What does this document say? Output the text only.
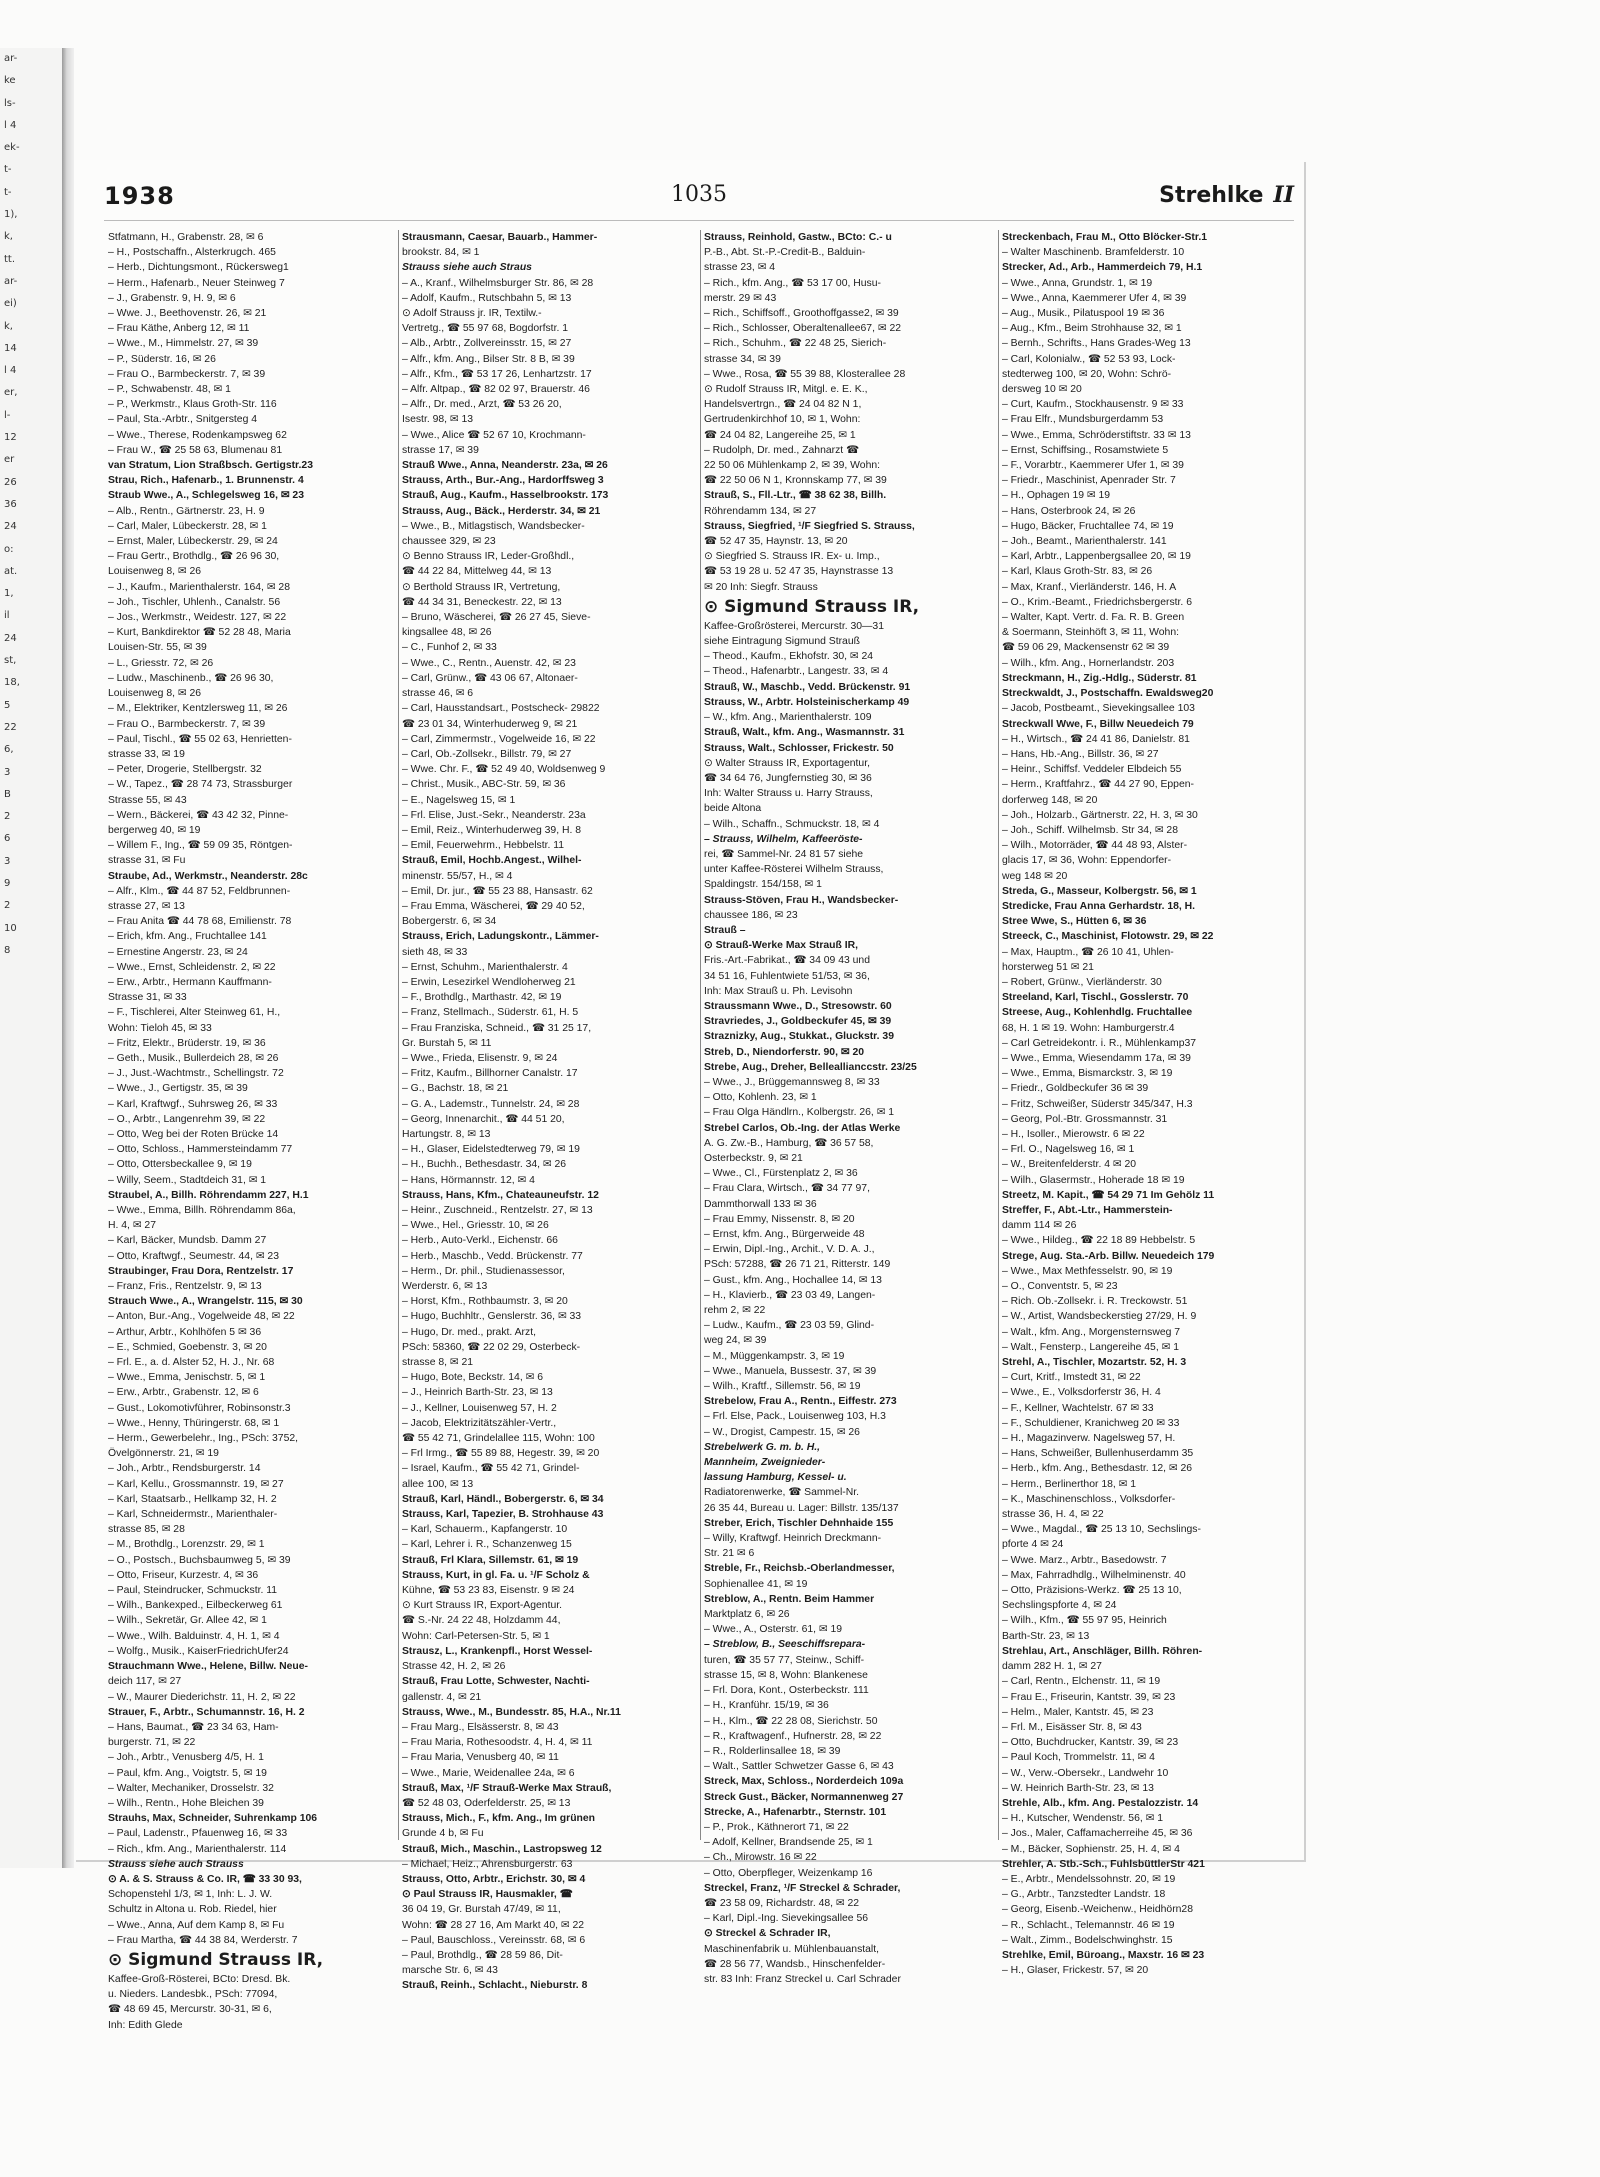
ar-
ke
ls-
l 4
ek-
t-
t-
1),
k,
tt.
ar-
ei)
k,
14
l 4
er,
l-
12
er
26
36
24
o:
at.
1,
il
24
st,
18,
5
22
6,
3
B
2
6
3
9
2
10
8
1938	1035	Strehlke II
Stfatmann, H., Grabenstr. 28, ✉ 6
– H., Postschaffn., Alsterkrugch. 465
– Herb., Dichtungsmont., Rückersweg1
– Herm., Hafenarb., Neuer Steinweg 7
– J., Grabenstr. 9, H. 9, ✉ 6
– Wwe. J., Beethovenstr. 26, ✉ 21
– Frau Käthe, Anberg 12, ✉ 11
– Wwe., M., Himmelstr. 27, ✉ 39
– P., Süderstr. 16, ✉ 26
– Frau O., Barmbeckerstr. 7, ✉ 39
– P., Schwabenstr. 48, ✉ 1
– P., Werkmstr., Klaus Groth-Str. 116
– Paul, Sta.-Arbtr., Snitgersteg 4
– Wwe., Therese, Rodenkampsweg 62
– Frau W., ☎ 25 58 63, Blumenau 81
van Stratum, Lion Straßbsch. Gertigstr.23
Strau, Rich., Hafenarb., 1. Brunnenstr. 4
Straub Wwe., A., Schlegelsweg 16, ✉ 23
– Alb., Rentn., Gärtnerstr. 23, H. 9
– Carl, Maler, Lübeckerstr. 28, ✉ 1
– Ernst, Maler, Lübeckerstr. 29, ✉ 24
– Frau Gertr., Brothdlg., ☎ 26 96 30,
Louisenweg 8, ✉ 26
– J., Kaufm., Marienthalerstr. 164, ✉ 28
– Joh., Tischler, Uhlenh., Canalstr. 56
– Jos., Werkmstr., Weidestr. 127, ✉ 22
– Kurt, Bankdirektor ☎ 52 28 48, Maria
Louisen-Str. 55, ✉ 39
– L., Griesstr. 72, ✉ 26
– Ludw., Maschinenb., ☎ 26 96 30,
Louisenweg 8, ✉ 26
– M., Elektriker, Kentzlersweg 11, ✉ 26
– Frau O., Barmbeckerstr. 7, ✉ 39
– Paul, Tischl., ☎ 55 02 63, Henrietten-
strasse 33, ✉ 19
– Peter, Drogerie, Stellbergstr. 32
– W., Tapez., ☎ 28 74 73, Strassburger
Strasse 55, ✉ 43
– Wern., Bäckerei, ☎ 43 42 32, Pinne-
bergerweg 40, ✉ 19
– Willem F., Ing., ☎ 59 09 35, Röntgen-
strasse 31, ✉ Fu
Straube, Ad., Werkmstr., Neanderstr. 28c
– Alfr., Klm., ☎ 44 87 52, Feldbrunnen-
strasse 27, ✉ 13
– Frau Anita ☎ 44 78 68, Emilienstr. 78
– Erich, kfm. Ang., Fruchtallee 141
– Ernestine Angerstr. 23, ✉ 24
– Wwe., Ernst, Schleidenstr. 2, ✉ 22
– Erw., Arbtr., Hermann Kauffmann-
Strasse 31, ✉ 33
– F., Tischlerei, Alter Steinweg 61, H.,
Wohn: Tieloh 45, ✉ 33
– Fritz, Elektr., Brüderstr. 19, ✉ 36
– Geth., Musik., Bullerdeich 28, ✉ 26
– J., Just.-Wachtmstr., Schellingstr. 72
– Wwe., J., Gertigstr. 35, ✉ 39
– Karl, Kraftwgf., Suhrsweg 26, ✉ 33
– O., Arbtr., Langenrehm 39, ✉ 22
– Otto, Weg bei der Roten Brücke 14
– Otto, Schloss., Hammersteindamm 77
– Otto, Ottersbeckallee 9, ✉ 19
– Willy, Seem., Stadtdeich 31, ✉ 1
Straubel, A., Billh. Röhrendamm 227, H.1
– Wwe., Emma, Billh. Röhrendamm 86a,
H. 4, ✉ 27
– Karl, Bäcker, Mundsb. Damm 27
– Otto, Kraftwgf., Seumestr. 44, ✉ 23
Straubinger, Frau Dora, Rentzelstr. 17
– Franz, Fris., Rentzelstr. 9, ✉ 13
Strauch Wwe., A., Wrangelstr. 115, ✉ 30
– Anton, Bur.-Ang., Vogelweide 48, ✉ 22
– Arthur, Arbtr., Kohlhöfen 5 ✉ 36
– E., Schmied, Goebenstr. 3, ✉ 20
– Frl. E., a. d. Alster 52, H. J., Nr. 68
– Wwe., Emma, Jenischstr. 5, ✉ 1
– Erw., Arbtr., Grabenstr. 12, ✉ 6
– Gust., Lokomotivführer, Robinsonstr.3
– Wwe., Henny, Thüringerstr. 68, ✉ 1
– Herm., Gewerbelehr., Ing., PSch: 3752,
Övelgönnerstr. 21, ✉ 19
– Joh., Arbtr., Rendsburgerstr. 14
– Karl, Kellu., Grossmannstr. 19, ✉ 27
– Karl, Staatsarb., Hellkamp 32, H. 2
– Karl, Schneidermstr., Marienthaler-
strasse 85, ✉ 28
– M., Brothdlg., Lorenzstr. 29, ✉ 1
– O., Postsch., Buchsbaumweg 5, ✉ 39
– Otto, Friseur, Kurzestr. 4, ✉ 36
– Paul, Steindrucker, Schmuckstr. 11
– Wilh., Bankexped., Eilbeckerweg 61
– Wilh., Sekretär, Gr. Allee 42, ✉ 1
– Wwe., Wilh. Balduinstr. 4, H. 1, ✉ 4
– Wolfg., Musik., KaiserFriedrichUfer24
Strauchmann Wwe., Helene, Billw. Neue-
deich 117, ✉ 27
– W., Maurer Diederichstr. 11, H. 2, ✉ 22
Strauer, F., Arbtr., Schumannstr. 16, H. 2
– Hans, Baumat., ☎ 23 34 63, Ham-
burgerstr. 71, ✉ 22
– Joh., Arbtr., Venusberg 4/5, H. 1
– Paul, kfm. Ang., Voigtstr. 5, ✉ 19
– Walter, Mechaniker, Drosselstr. 32
– Wilh., Rentn., Hohe Bleichen 39
Strauhs, Max, Schneider, Suhrenkamp 106
– Paul, Ladenstr., Pfauenweg 16, ✉ 33
– Rich., kfm. Ang., Marienthalerstr. 114
Strauss siehe auch Strauss
⊙ A. & S. Strauss & Co. IR, ☎ 33 30 93,
Schopenstehl 1/3, ✉ 1, Inh: L. J. W.
Schultz in Altona u. Rob. Riedel, hier
– Wwe., Anna, Auf dem Kamp 8, ✉ Fu
– Frau Martha, ☎ 44 38 84, Werderstr. 7
⊙ Sigmund Strauss IR,
Kaffee-Groß-Rösterei, BCto: Dresd. Bk.
u. Nieders. Landesbk., PSch: 77094,
☎ 48 69 45, Mercurstr. 30-31, ✉ 6,
Inh: Edith Glede
Strausmann, Caesar, Bauarb., Hammer-
brookstr. 84, ✉ 1
Strauss siehe auch Straus
– A., Kranf., Wilhelmsburger Str. 86, ✉ 28
– Adolf, Kaufm., Rutschbahn 5, ✉ 13
⊙ Adolf Strauss jr. IR, Textilw.-
Vertretg., ☎ 55 97 68, Bogdorfstr. 1
– Alb., Arbtr., Zollvereinsstr. 15, ✉ 27
– Alfr., kfm. Ang., Bilser Str. 8 B, ✉ 39
– Alfr., Kfm., ☎ 53 17 26, Lenhartzstr. 17
– Alfr. Altpap., ☎ 82 02 97, Brauerstr. 46
– Alfr., Dr. med., Arzt, ☎ 53 26 20,
Isestr. 98, ✉ 13
– Wwe., Alice ☎ 52 67 10, Krochmann-
strasse 17, ✉ 39
Strauß Wwe., Anna, Neanderstr. 23a, ✉ 26
Strauss, Arth., Bur.-Ang., Hardorffsweg 3
Strauß, Aug., Kaufm., Hasselbrookstr. 173
Strauss, Aug., Bäck., Herderstr. 34, ✉ 21
– Wwe., B., Mitlagstisch, Wandsbecker-
chaussee 329, ✉ 23
⊙ Benno Strauss IR, Leder-Großhdl.,
☎ 44 22 84, Mittelweg 44, ✉ 13
⊙ Berthold Strauss IR, Vertretung,
☎ 44 34 31, Beneckestr. 22, ✉ 13
– Bruno, Wäscherei, ☎ 26 27 45, Sieve-
kingsallee 48, ✉ 26
– C., Funhof 2, ✉ 33
– Wwe., C., Rentn., Auenstr. 42, ✉ 23
– Carl, Grünw., ☎ 43 06 67, Altonaer-
strasse 46, ✉ 6
– Carl, Hausstandsart., Postscheck- 29822
☎ 23 01 34, Winterhuderweg 9, ✉ 21
– Carl, Zimmermstr., Vogelweide 16, ✉ 22
– Carl, Ob.-Zollsekr., Billstr. 79, ✉ 27
– Wwe. Chr. F., ☎ 52 49 40, Woldsenweg 9
– Christ., Musik., ABC-Str. 59, ✉ 36
– E., Nagelsweg 15, ✉ 1
– Frl. Elise, Just.-Sekr., Neanderstr. 23a
– Emil, Reiz., Winterhuderweg 39, H. 8
– Emil, Feuerwehrm., Hebbelstr. 11
Strauß, Emil, Hochb.Angest., Wilhel-
minenstr. 55/57, H., ✉ 4
– Emil, Dr. jur., ☎ 55 23 88, Hansastr. 62
– Frau Emma, Wäscherei, ☎ 29 40 52,
Bobergerstr. 6, ✉ 34
Strauss, Erich, Ladungskontr., Lämmer-
sieth 48, ✉ 33
– Ernst, Schuhm., Marienthalerstr. 4
– Erwin, Lesezirkel Wendloherweg 21
– F., Brothdlg., Marthastr. 42, ✉ 19
– Franz, Stellmach., Süderstr. 61, H. 5
– Frau Franziska, Schneid., ☎ 31 25 17,
Gr. Burstah 5, ✉ 11
– Wwe., Frieda, Elisenstr. 9, ✉ 24
– Fritz, Kaufm., Billhorner Canalstr. 17
– G., Bachstr. 18, ✉ 21
– G. A., Lademstr., Tunnelstr. 24, ✉ 28
– Georg, Innenarchit., ☎ 44 51 20,
Hartungstr. 8, ✉ 13
– H., Glaser, Eidelstedterweg 79, ✉ 19
– H., Buchh., Bethesdastr. 34, ✉ 26
– Hans, Hörmannstr. 12, ✉ 4
Strauss, Hans, Kfm., Chateauneufstr. 12
– Heinr., Zuschneid., Rentzelstr. 27, ✉ 13
– Wwe., Hel., Griesstr. 10, ✉ 26
– Herb., Auto-Verkl., Eichenstr. 66
– Herb., Maschb., Vedd. Brückenstr. 77
– Herm., Dr. phil., Studienassessor,
Werderstr. 6, ✉ 13
– Horst, Kfm., Rothbaumstr. 3, ✉ 20
– Hugo, Buchhltr., Genslerstr. 36, ✉ 33
– Hugo, Dr. med., prakt. Arzt,
PSch: 58360, ☎ 22 02 29, Osterbeck-
strasse 8, ✉ 21
– Hugo, Bote, Beckstr. 14, ✉ 6
– J., Heinrich Barth-Str. 23, ✉ 13
– J., Kellner, Louisenweg 57, H. 2
– Jacob, Elektrizitätszähler-Vertr.,
☎ 55 42 71, Grindelallee 115, Wohn: 100
– Frl Irmg., ☎ 55 89 88, Hegestr. 39, ✉ 20
– Israel, Kaufm., ☎ 55 42 71, Grindel-
allee 100, ✉ 13
Strauß, Karl, Händl., Bobergerstr. 6, ✉ 34
Strauss, Karl, Tapezier, B. Strohhause 43
– Karl, Schauerm., Kapfangerstr. 10
– Karl, Lehrer i. R., Schanzenweg 15
Strauß, Frl Klara, Sillemstr. 61, ✉ 19
Strauss, Kurt, in gl. Fa. u. ¹/F Scholz &
Kühne, ☎ 53 23 83, Eisenstr. 9 ✉ 24
⊙ Kurt Strauss IR, Export-Agentur.
☎ S.-Nr. 24 22 48, Holzdamm 44,
Wohn: Carl-Petersen-Str. 5, ✉ 1
Strausz, L., Krankenpfl., Horst Wessel-
Strasse 42, H. 2, ✉ 26
Strauß, Frau Lotte, Schwester, Nachti-
gallenstr. 4, ✉ 21
Strauss, Wwe., M., Bundesstr. 85, H.A., Nr.11
– Frau Marg., Elsässerstr. 8, ✉ 43
– Frau Maria, Rothesoodstr. 4, H. 4, ✉ 11
– Frau Maria, Venusberg 40, ✉ 11
– Wwe., Marie, Weidenallee 24a, ✉ 6
Strauß, Max, ¹/F Strauß-Werke Max Strauß,
☎ 52 48 03, Oderfelderstr. 25, ✉ 13
Strauss, Mich., F., kfm. Ang., Im grünen
Grunde 4 b, ✉ Fu
Strauß, Mich., Maschin., Lastropsweg 12
– Michael, Heiz., Ahrensburgerstr. 63
Strauss, Otto, Arbtr., Erichstr. 30, ✉ 4
⊙ Paul Strauss IR, Hausmakler, ☎
36 04 19, Gr. Burstah 47/49, ✉ 11,
Wohn: ☎ 28 27 16, Am Markt 40, ✉ 22
– Paul, Bauschloss., Vereinsstr. 68, ✉ 6
– Paul, Brothdlg., ☎ 28 59 86, Dit-
marsche Str. 6, ✉ 43
Strauß, Reinh., Schlacht., Nieburstr. 8
Strauss, Reinhold, Gastw., BCto: C.- u
P.-B., Abt. St.-P.-Credit-B., Balduin-
strasse 23, ✉ 4
– Rich., kfm. Ang., ☎ 53 17 00, Husu-
merstr. 29 ✉ 43
– Rich., Schiffsoff., Groothoffgasse2, ✉ 39
– Rich., Schlosser, Oberaltenallee67, ✉ 22
– Rich., Schuhm., ☎ 22 48 25, Sierich-
strasse 34, ✉ 39
– Wwe., Rosa, ☎ 55 39 88, Klosterallee 28
⊙ Rudolf Strauss IR, Mitgl. e. E. K.,
Handelsvertrgn., ☎ 24 04 82 N 1,
Gertrudenkirchhof 10, ✉ 1, Wohn:
☎ 24 04 82, Langereihe 25, ✉ 1
– Rudolph, Dr. med., Zahnarzt ☎
22 50 06 Mühlenkamp 2, ✉ 39, Wohn:
☎ 22 50 06 N 1, Kronnskamp 77, ✉ 39
Strauß, S., Fll.-Ltr., ☎ 38 62 38, Billh.
Röhrendamm 134, ✉ 27
Strauss, Siegfried, ¹/F Siegfried S. Strauss,
☎ 52 47 35, Haynstr. 13, ✉ 20
⊙ Siegfried S. Strauss IR. Ex- u. Imp.,
☎ 53 19 28 u. 52 47 35, Haynstrasse 13
✉ 20 Inh: Siegfr. Strauss
⊙ Sigmund Strauss IR,
Kaffee-Großrösterei, Mercurstr. 30—31
siehe Eintragung Sigmund Strauß
– Theod., Kaufm., Ekhofstr. 30, ✉ 24
– Theod., Hafenarbtr., Langestr. 33, ✉ 4
Strauß, W., Maschb., Vedd. Brückenstr. 91
Strauss, W., Arbtr. Holsteinischerkamp 49
– W., kfm. Ang., Marienthalerstr. 109
Strauß, Walt., kfm. Ang., Wasmannstr. 31
Strauss, Walt., Schlosser, Frickestr. 50
⊙ Walter Strauss IR, Exportagentur,
☎ 34 64 76, Jungfernstieg 30, ✉ 36
Inh: Walter Strauss u. Harry Strauss,
beide Altona
– Wilh., Schaffn., Schmuckstr. 18, ✉ 4
– Strauss, Wilhelm, Kaffeeröste-
rei, ☎ Sammel-Nr. 24 81 57 siehe
unter Kaffee-Rösterei Wilhelm Strauss,
Spaldingstr. 154/158, ✉ 1
Strauss-Stöven, Frau H., Wandsbecker-
chaussee 186, ✉ 23
Strauß –
⊙ Strauß-Werke Max Strauß IR,
Fris.-Art.-Fabrikat., ☎ 34 09 43 und
34 51 16, Fuhlentwiete 51/53, ✉ 36,
Inh: Max Strauß u. Ph. Levisohn
Straussmann Wwe., D., Stresowstr. 60
Stravriedes, J., Goldbeckufer 45, ✉ 39
Straznizky, Aug., Stukkat., Gluckstr. 39
Streb, D., Niendorferstr. 90, ✉ 20
Strebe, Aug., Dreher, Belleallianccstr. 23/25
– Wwe., J., Brüggemannsweg 8, ✉ 33
– Otto, Kohlenh. 23, ✉ 1
– Frau Olga Händlrn., Kolbergstr. 26, ✉ 1
Strebel Carlos, Ob.-Ing. der Atlas Werke
A. G. Zw.-B., Hamburg, ☎ 36 57 58,
Osterbeckstr. 9, ✉ 21
– Wwe., Cl., Fürstenplatz 2, ✉ 36
– Frau Clara, Wirtsch., ☎ 34 77 97,
Dammthorwall 133 ✉ 36
– Frau Emmy, Nissenstr. 8, ✉ 20
– Ernst, kfm. Ang., Bürgerweide 48
– Erwin, Dipl.-Ing., Archit., V. D. A. J.,
PSch: 57288, ☎ 26 71 21, Ritterstr. 149
– Gust., kfm. Ang., Hochallee 14, ✉ 13
– H., Klavierb., ☎ 23 03 49, Langen-
rehm 2, ✉ 22
– Ludw., Kaufm., ☎ 23 03 59, Glind-
weg 24, ✉ 39
– M., Müggenkampstr. 3, ✉ 19
– Wwe., Manuela, Bussestr. 37, ✉ 39
– Wilh., Kraftf., Sillemstr. 56, ✉ 19
Strebelow, Frau A., Rentn., Eiffestr. 273
– Frl. Else, Pack., Louisenweg 103, H.3
– W., Drogist, Campestr. 15, ✉ 26
Strebelwerk G. m. b. H.,
Mannheim, Zweignieder-
lassung Hamburg, Kessel- u.
Radiatorenwerke, ☎ Sammel-Nr.
26 35 44, Bureau u. Lager: Billstr. 135/137
Streber, Erich, Tischler Dehnhaide 155
– Willy, Kraftwgf. Heinrich Dreckmann-
Str. 21 ✉ 6
Streble, Fr., Reichsb.-Oberlandmesser,
Sophienallee 41, ✉ 19
Streblow, A., Rentn. Beim Hammer
Marktplatz 6, ✉ 26
– Wwe., A., Osterstr. 61, ✉ 19
– Streblow, B., Seeschiffsrepara-
turen, ☎ 35 57 77, Steinw., Schiff-
strasse 15, ✉ 8, Wohn: Blankenese
– Frl. Dora, Kont., Osterbeckstr. 111
– H., Kranführ. 15/19, ✉ 36
– H., Klm., ☎ 22 28 08, Sierichstr. 50
– R., Kraftwagenf., Hufnerstr. 28, ✉ 22
– R., Rolderlinsallee 18, ✉ 39
– Walt., Sattler Schwetzer Gasse 6, ✉ 43
Streck, Max, Schloss., Norderdeich 109a
Streck Gust., Bäcker, Normannenweg 27
Strecke, A., Hafenarbtr., Sternstr. 101
– P., Prok., Käthnerort 71, ✉ 22
– Adolf, Kellner, Brandsende 25, ✉ 1
– Ch., Mirowstr. 16 ✉ 22
– Otto, Oberpfleger, Weizenkamp 16
Streckel, Franz, ¹/F Streckel & Schrader,
☎ 23 58 09, Richardstr. 48, ✉ 22
– Karl, Dipl.-Ing. Sievekingsallee 56
⊙ Streckel & Schrader IR,
Maschinenfabrik u. Mühlenbauanstalt,
☎ 28 56 77, Wandsb., Hinschenfelder-
str. 83 Inh: Franz Streckel u. Carl Schrader
Streckenbach, Frau M., Otto Blöcker-Str.1
– Walter Maschinenb. Bramfelderstr. 10
Strecker, Ad., Arb., Hammerdeich 79, H.1
– Wwe., Anna, Grundstr. 1, ✉ 19
– Wwe., Anna, Kaemmerer Ufer 4, ✉ 39
– Aug., Musik., Pilatuspool 19 ✉ 36
– Aug., Kfm., Beim Strohhause 32, ✉ 1
– Bernh., Schrifts., Hans Grades-Weg 13
– Carl, Kolonialw., ☎ 52 53 93, Lock-
stedterweg 100, ✉ 20, Wohn: Schrö-
dersweg 10 ✉ 20
– Curt, Kaufm., Stockhausenstr. 9 ✉ 33
– Frau Elfr., Mundsburgerdamm 53
– Wwe., Emma, Schröderstiftstr. 33 ✉ 13
– Ernst, Schiffsing., Rosamstwiete 5
– F., Vorarbtr., Kaemmerer Ufer 1, ✉ 39
– Friedr., Maschinist, Apenrader Str. 7
– H., Ophagen 19 ✉ 19
– Hans, Osterbrook 24, ✉ 26
– Hugo, Bäcker, Fruchtallee 74, ✉ 19
– Joh., Beamt., Marienthalerstr. 141
– Karl, Arbtr., Lappenbergsallee 20, ✉ 19
– Karl, Klaus Groth-Str. 83, ✉ 26
– Max, Kranf., Vierländerstr. 146, H. A
– O., Krim.-Beamt., Friedrichsbergerstr. 6
– Walter, Kapt. Vertr. d. Fa. R. B. Green
& Soermann, Steinhöft 3, ✉ 11, Wohn:
☎ 59 06 29, Mackensenstr 62 ✉ 39
– Wilh., kfm. Ang., Hornerlandstr. 203
Streckmann, H., Zig.-Hdlg., Süderstr. 81
Streckwaldt, J., Postschaffn. Ewaldsweg20
– Jacob, Postbeamt., Sievekingsallee 103
Streckwall Wwe, F., Billw Neuedeich 79
– H., Wirtsch., ☎ 24 41 86, Danielstr. 81
– Hans, Hb.-Ang., Billstr. 36, ✉ 27
– Heinr., Schiffsf. Veddeler Elbdeich 55
– Herm., Kraftfahrz., ☎ 44 27 90, Eppen-
dorferweg 148, ✉ 20
– Joh., Holzarb., Gärtnerstr. 22, H. 3, ✉ 30
– Joh., Schiff. Wilhelmsb. Str 34, ✉ 28
– Wilh., Motorräder, ☎ 44 48 93, Alster-
glacis 17, ✉ 36, Wohn: Eppendorfer-
weg 148 ✉ 20
Streda, G., Masseur, Kolbergstr. 56, ✉ 1
Stredicke, Frau Anna Gerhardstr. 18, H.
Stree Wwe, S., Hütten 6, ✉ 36
Streeck, C., Maschinist, Flotowstr. 29, ✉ 22
– Max, Hauptm., ☎ 26 10 41, Uhlen-
horsterweg 51 ✉ 21
– Robert, Grünw., Vierländerstr. 30
Streeland, Karl, Tischl., Gosslerstr. 70
Streese, Aug., Kohlenhdlg. Fruchtallee
68, H. 1 ✉ 19. Wohn: Hamburgerstr.4
– Carl Getreidekontr. i. R., Mühlenkamp37
– Wwe., Emma, Wiesendamm 17a, ✉ 39
– Wwe., Emma, Bismarckstr. 3, ✉ 19
– Friedr., Goldbeckufer 36 ✉ 39
– Fritz, Schweißer, Süderstr 345/347, H.3
– Georg, Pol.-Btr. Grossmannstr. 31
– H., Isoller., Mierowstr. 6 ✉ 22
– Frl. O., Nagelsweg 16, ✉ 1
– W., Breitenfelderstr. 4 ✉ 20
– Wilh., Glasermstr., Hoherade 18 ✉ 19
Streetz, M. Kapit., ☎ 54 29 71 Im Gehölz 11
Streffer, F., Abt.-Ltr., Hammerstein-
damm 114 ✉ 26
– Wwe., Hildeg., ☎ 22 18 89 Hebbelstr. 5
Strege, Aug. Sta.-Arb. Billw. Neuedeich 179
– Wwe., Max Methfesselstr. 90, ✉ 19
– O., Conventstr. 5, ✉ 23
– Rich. Ob.-Zollsekr. i. R. Treckowstr. 51
– W., Artist, Wandsbeckerstieg 27/29, H. 9
– Walt., kfm. Ang., Morgensternsweg 7
– Walt., Fensterp., Langereihe 45, ✉ 1
Strehl, A., Tischler, Mozartstr. 52, H. 3
– Curt, Kritf., Imstedt 31, ✉ 22
– Wwe., E., Volksdorferstr 36, H. 4
– F., Kellner, Wachtelstr. 67 ✉ 33
– F., Schuldiener, Kranichweg 20 ✉ 33
– H., Magazinverw. Nagelsweg 57, H.
– Hans, Schweißer, Bullenhuserdamm 35
– Herb., kfm. Ang., Bethesdastr. 12, ✉ 26
– Herm., Berlinerthor 18, ✉ 1
– K., Maschinenschloss., Volksdorfer-
strasse 36, H. 4, ✉ 22
– Wwe., Magdal., ☎ 25 13 10, Sechslings-
pforte 4 ✉ 24
– Wwe. Marz., Arbtr., Basedowstr. 7
– Max, Fahrradhdlg., Wilhelminenstr. 40
– Otto, Präzisions-Werkz. ☎ 25 13 10,
Sechslingspforte 4, ✉ 24
– Wilh., Kfm., ☎ 55 97 95, Heinrich
Barth-Str. 23, ✉ 13
Strehlau, Art., Anschläger, Billh. Röhren-
damm 282 H. 1, ✉ 27
– Carl, Rentn., Elchenstr. 11, ✉ 19
– Frau E., Friseurin, Kantstr. 39, ✉ 23
– Helm., Maler, Kantstr. 45, ✉ 23
– Frl. M., Eisässer Str. 8, ✉ 43
– Otto, Buchdrucker, Kantstr. 39, ✉ 23
– Paul Koch, Trommelstr. 11, ✉ 4
– W., Verw.-Obersekr., Landwehr 10
– W. Heinrich Barth-Str. 23, ✉ 13
Strehle, Alb., kfm. Ang. Pestalozzistr. 14
– H., Kutscher, Wendenstr. 56, ✉ 1
– Jos., Maler, Caffamacherreihe 45, ✉ 36
– M., Bäcker, Sophienstr. 25, H. 4, ✉ 4
Strehler, A. Stb.-Sch., FuhlsbüttlerStr 421
– E., Arbtr., Mendelssohnstr. 20, ✉ 19
– G., Arbtr., Tanzstedter Landstr. 18
– Georg, Eisenb.-Weichenw., Heidhörn28
– R., Schlacht., Telemannstr. 46 ✉ 19
– Walt., Zimm., Bodelschwinghstr. 15
Strehlke, Emil, Büroang., Maxstr. 16 ✉ 23
– H., Glaser, Frickestr. 57, ✉ 20
